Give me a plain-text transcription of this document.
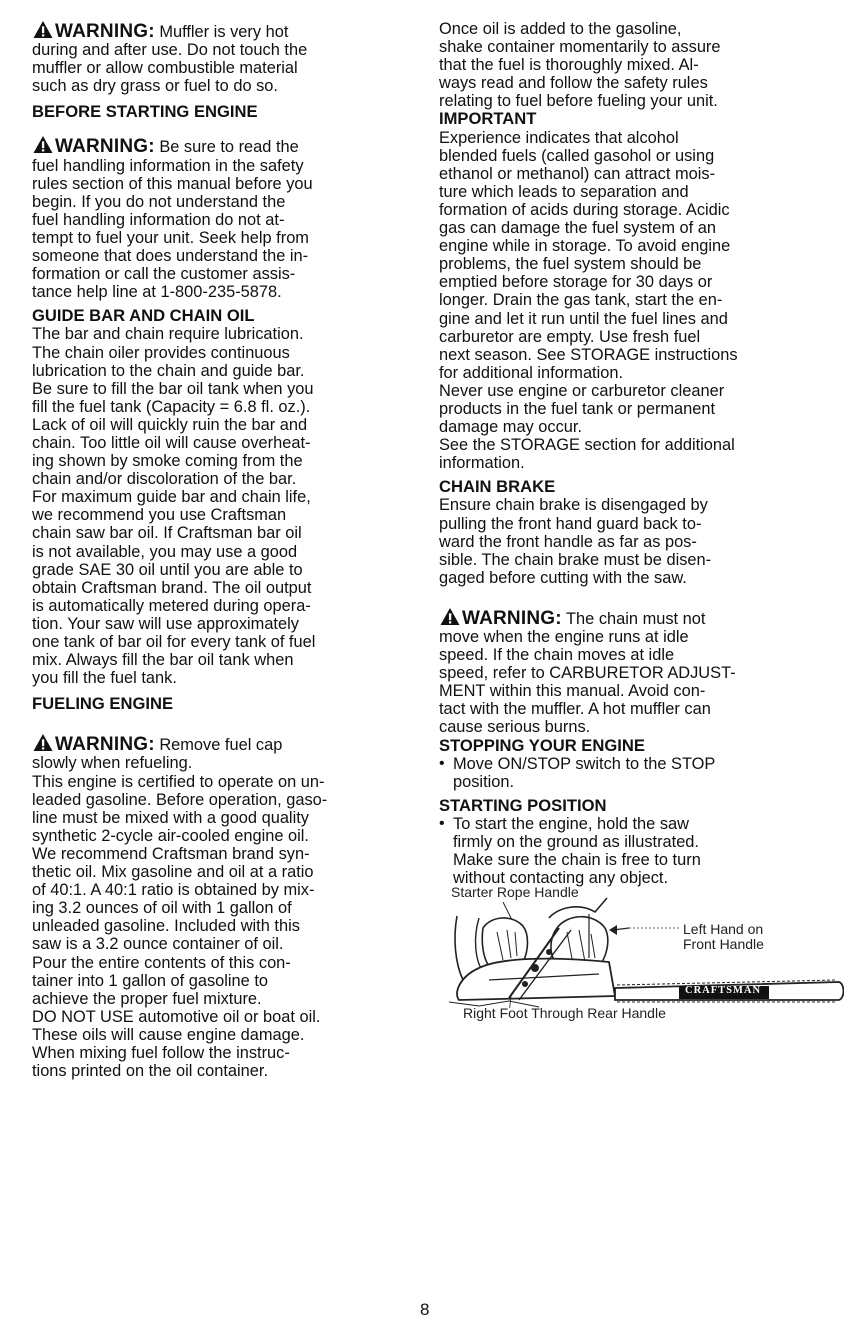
WARNING: Muffler is very hot

during and after use. Do not touch the

muffler or allow combustible material

such as dry grass or fuel to do so.

BEFORE STARTING ENGINE

WARNING: Be sure to read the

fuel handling information in the safety

rules section of this manual before you

begin. If you do not understand the

fuel handling information do not at-

tempt to fuel your unit. Seek help from

someone that does understand the in-

formation or call the customer assis-

tance help line at 1-800-235-5878.

GUIDE BAR AND CHAIN OIL

The bar and chain require lubrication.

The chain oiler provides continuous

lubrication to the chain and guide bar.

Be sure to fill the bar oil tank when you

fill the fuel tank (Capacity = 6.8 fl. oz.).

Lack of oil will quickly ruin the bar and

chain. Too little oil will cause overheat-

ing shown by smoke coming from the

chain and/or discoloration of the bar.

For maximum guide bar and chain life,

we recommend you use Craftsman

chain saw bar oil. If Craftsman bar oil

is not available, you may use a good

grade SAE 30 oil until you are able to

obtain Craftsman brand. The oil output

is automatically metered during opera-

tion. Your saw will use approximately

one tank of bar oil for every tank of fuel

mix. Always fill the bar oil tank when

you fill the fuel tank.

FUELING ENGINE

WARNING: Remove fuel cap

slowly when refueling.

This engine is certified to operate on un-

leaded gasoline. Before operation, gaso-

line must be mixed with a good quality

synthetic 2-cycle air-cooled engine oil.

We recommend Craftsman brand syn-

thetic oil. Mix gasoline and oil at a ratio

of 40:1. A 40:1 ratio is obtained by mix-

ing 3.2 ounces of oil with 1 gallon of

unleaded gasoline. Included with this

saw is a 3.2 ounce container of oil.

Pour the entire contents of this con-

tainer into 1 gallon of gasoline to

achieve the proper fuel mixture.

DO NOT USE automotive oil or boat oil.

These oils will cause engine damage.

When mixing fuel follow the instruc-

tions printed on the oil container.

Once oil is added to the gasoline,

shake container momentarily to assure

that the fuel is thoroughly mixed. Al-

ways read and follow the safety rules

relating to fuel before fueling your unit.

IMPORTANT

Experience indicates that alcohol

blended fuels (called gasohol or using

ethanol or methanol) can attract mois-

ture which leads to separation and

formation of acids during storage. Acidic

gas can damage the fuel system of an

engine while in storage. To avoid engine

problems, the fuel system should be

emptied before storage for 30 days or

longer. Drain the gas tank, start the en-

gine and let it run until the fuel lines and

carburetor are empty. Use fresh fuel

next season. See STORAGE instructions

for additional information.

Never use engine or carburetor cleaner

products in the fuel tank or permanent

damage may occur.

See the STORAGE section for additional

information.

CHAIN BRAKE

Ensure chain brake is disengaged by

pulling the front hand guard back to-

ward the front handle as far as pos-

sible. The chain brake must be disen-

gaged before cutting with the saw.

WARNING: The chain must not

move when the engine runs at idle

speed. If the chain moves at idle

speed, refer to CARBURETOR ADJUST-

MENT within this manual. Avoid con-

tact with the muffler. A hot muffler can

cause serious burns.

STOPPING YOUR ENGINE

• Move ON/STOP switch to the STOP

position.

STARTING POSITION

• To start the engine, hold the saw

firmly on the ground as illustrated.

Make sure the chain is free to turn

without contacting any object.

Starter Rope Handle
Left Hand on Front Handle
CRAFTSMAN
Right Foot Through Rear Handle
8
